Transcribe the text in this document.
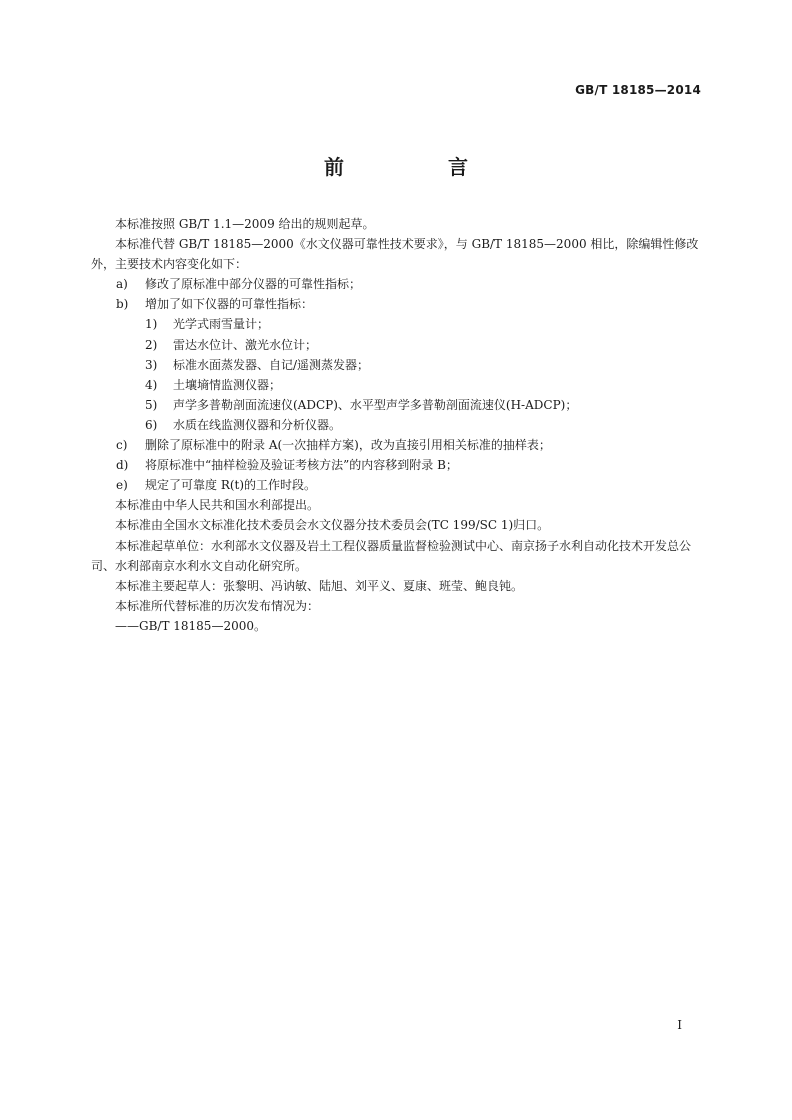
GB/T 18185—2014
前　言

本标准按照 GB/T 1.1—2009 给出的规则起草。

本标准代替 GB/T 18185—2000《水文仪器可靠性技术要求》，与 GB/T 18185—2000 相比，除编辑性修改外，主要技术内容变化如下：

a) 修改了原标准中部分仪器的可靠性指标；
b) 增加了如下仪器的可靠性指标：
1) 光学式雨雪量计；
2) 雷达水位计、激光水位计；
3) 标准水面蒸发器、自记/遥测蒸发器；
4) 土壤墒情监测仪器；
5) 声学多普勒剖面流速仪(ADCP)、水平型声学多普勒剖面流速仪(H-ADCP)；
6) 水质在线监测仪器和分析仪器。
c) 删除了原标准中的附录 A(一次抽样方案)，改为直接引用相关标准的抽样表；
d) 将原标准中“抽样检验及验证考核方法”的内容移到附录 B；
e) 规定了可靠度 R(t)的工作时段。

本标准由中华人民共和国水利部提出。

本标准由全国水文标准化技术委员会水文仪器分技术委员会(TC 199/SC 1)归口。

本标准起草单位：水利部水文仪器及岩土工程仪器质量监督检验测试中心、南京扬子水利自动化技术开发总公司、水利部南京水利水文自动化研究所。

本标准主要起草人：张黎明、冯讷敏、陆旭、刘平义、夏康、班莹、鲍良钝。

本标准所代替标准的历次发布情况为：

——GB/T 18185—2000。

I
